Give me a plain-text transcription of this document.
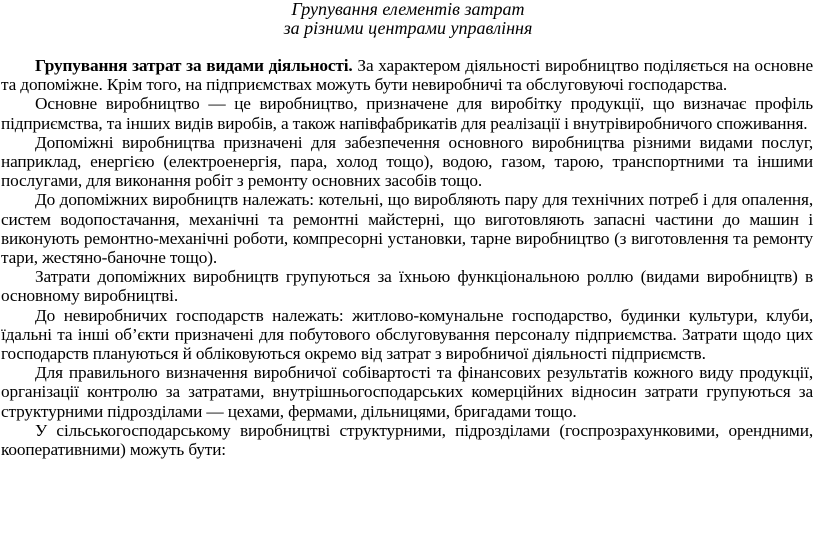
Групування елементів затрат
за різними центрами управління

Групування затрат за видами діяльності. За характером діяльності виробництво поділяється на основне та допоміжне. Крім того, на підприємствах можуть бути невиробничі та обслуговуючі господарства.

Основне виробництво — це виробництво, призначене для виробітку продукції, що визначає профіль підприємства, та інших видів виробів, а також напівфабрикатів для реалізації і внутрівиробничого споживання.

Допоміжні виробництва призначені для забезпечення основного виробництва різними видами послуг, наприклад, енергією (електроенергія, пара, холод тощо), водою, газом, тарою, транспортними та іншими послугами, для виконання робіт з ремонту основних засобів тощо.

До допоміжних виробництв належать: котельні, що виробляють пару для технічних потреб і для опалення, систем водопостачання, механічні та ремонтні майстерні, що виготовляють запасні частини до машин і виконують ремонтно-механічні роботи, компресорні установки, тарне виробництво (з виготовлення та ремонту тари, жестяно-баночне тощо).

Затрати допоміжних виробництв групуються за їхньою функціональною роллю (видами виробництв) в основному виробництві.

До невиробничих господарств належать: житлово-комунальне господарство, будинки культури, клуби, їдальні та інші об’єкти призначені для побутового обслуговування персоналу підприємства. Затрати щодо цих господарств плануються й обліковуються окремо від затрат з виробничої діяльності підприємств.

Для правильного визначення виробничої собівартості та фінансових результатів кожного виду продукції, організації контролю за затратами, внутрішньогосподарських комерційних відносин затрати групуються за структурними підрозділами — цехами, фермами, дільницями, бригадами тощо.

У сільськогосподарському виробництві структурними, підрозділами (госпрозрахунковими, орендними, кооперативними) можуть бути:
